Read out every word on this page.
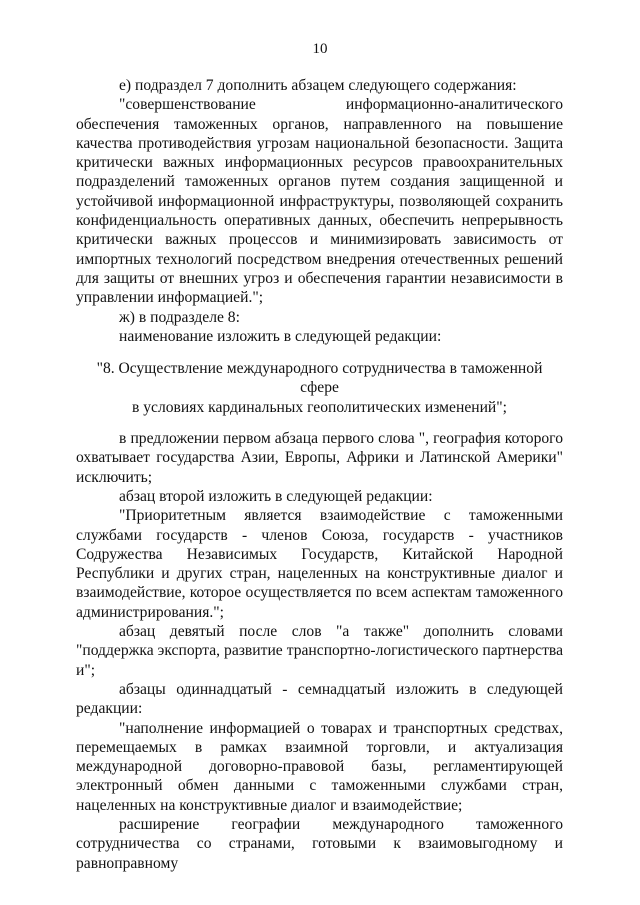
10

е) подраздел 7 дополнить абзацем следующего содержания:

"совершенствование информационно-аналитического обеспечения таможенных органов, направленного на повышение качества противодействия угрозам национальной безопасности. Защита критически важных информационных ресурсов правоохранительных подразделений таможенных органов путем создания защищенной и устойчивой информационной инфраструктуры, позволяющей сохранить конфиденциальность оперативных данных, обеспечить непрерывность критически важных процессов и минимизировать зависимость от импортных технологий посредством внедрения отечественных решений для защиты от внешних угроз и обеспечения гарантии независимости в управлении информацией.";

ж) в подразделе 8:

наименование изложить в следующей редакции:

"8. Осуществление международного сотрудничества в таможенной сфере
в условиях кардинальных геополитических изменений";

в предложении первом абзаца первого слова ", география которого охватывает государства Азии, Европы, Африки и Латинской Америки" исключить;

абзац второй изложить в следующей редакции:

"Приоритетным является взаимодействие с таможенными службами государств - членов Союза, государств - участников Содружества Независимых Государств, Китайской Народной Республики и других стран, нацеленных на конструктивные диалог и взаимодействие, которое осуществляется по всем аспектам таможенного администрирования.";

абзац девятый после слов "а также" дополнить словами "поддержка экспорта, развитие транспортно-логистического партнерства и";

абзацы одиннадцатый - семнадцатый изложить в следующей редакции:

"наполнение информацией о товарах и транспортных средствах, перемещаемых в рамках взаимной торговли, и актуализация международной договорно-правовой базы, регламентирующей электронный обмен данными с таможенными службами стран, нацеленных на конструктивные диалог и взаимодействие;

расширение географии международного таможенного сотрудничества со странами, готовыми к взаимовыгодному и равноправному
